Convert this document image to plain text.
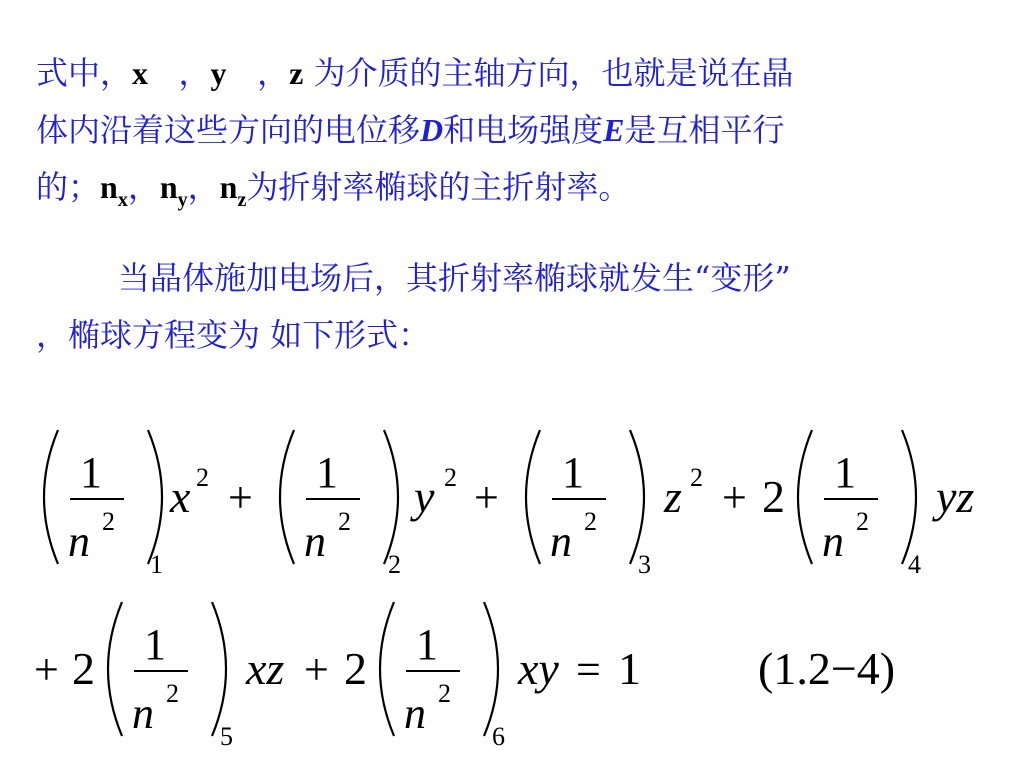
式中，x ，y ，z 为介质的主轴方向，也就是说在晶
体内沿着这些方向的电位移D和电场强度E是互相平行
的；$n_x$，$n_y$，$n_z$为折射率椭球的主折射率。
当晶体施加电场后，其折射率椭球就发生“变形”
，椭球方程变为 如下形式：
1
n 2
1
x 2 +
1
n 2
2
y 2 +
1
n 2
3
z 2 + 2 1
n 2
4
yz
+ 2 1
n 2
5
xz + 2 1
n 2
6
xy = 1	(1.2−4)
